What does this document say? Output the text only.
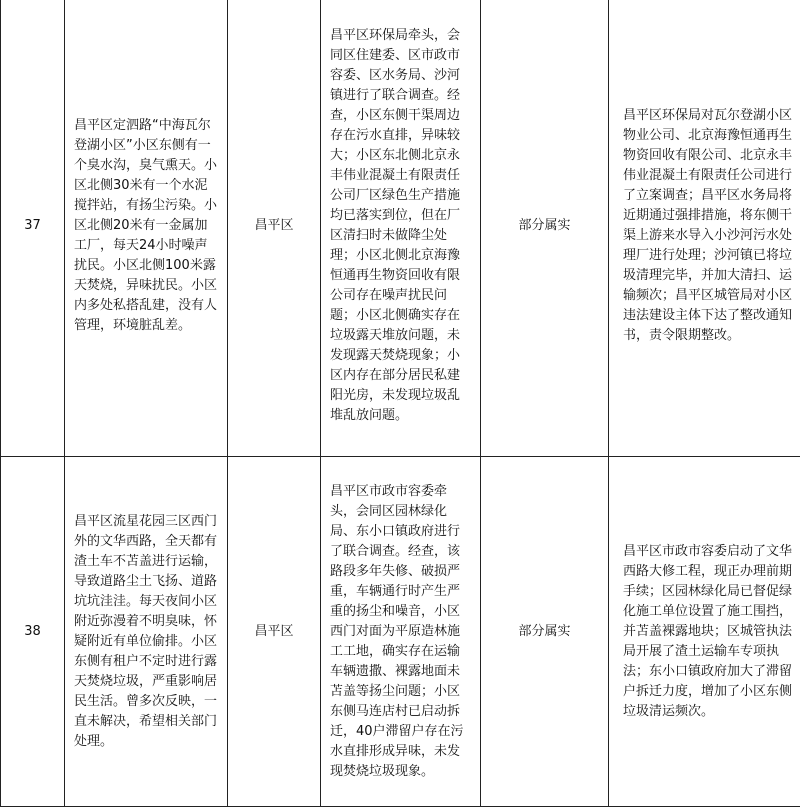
37	昌平区定泗路“中海瓦尔登湖小区”小区东侧有一个臭水沟，臭气熏天。小区北侧30米有一个水泥搅拌站，有扬尘污染。小区北侧20米有一金属加工厂，每天24小时噪声扰民。小区北侧100米露天焚烧，异味扰民。小区内多处私搭乱建，没有人管理，环境脏乱差。	昌平区	昌平区环保局牵头，会同区住建委、区市政市容委、区水务局、沙河镇进行了联合调查。经查，小区东侧干渠周边存在污水直排，异味较大；小区东北侧北京永丰伟业混凝土有限责任公司厂区绿色生产措施均已落实到位，但在厂区清扫时未做降尘处理；小区北侧北京海豫恒通再生物资回收有限公司存在噪声扰民问题；小区北侧确实存在垃圾露天堆放问题，未发现露天焚烧现象；小区内存在部分居民私建阳光房，未发现垃圾乱堆乱放问题。	部分属实	昌平区环保局对瓦尔登湖小区物业公司、北京海豫恒通再生物资回收有限公司、北京永丰伟业混凝土有限责任公司进行了立案调查；昌平区水务局将近期通过强排措施，将东侧干渠上游来水导入小沙河污水处理厂进行处理；沙河镇已将垃圾清理完毕，并加大清扫、运输频次；昌平区城管局对小区违法建设主体下达了整改通知书，责令限期整改。

38	昌平区流星花园三区西门外的文华西路，全天都有渣土车不苫盖进行运输，导致道路尘土飞扬、道路坑坑洼洼。每天夜间小区附近弥漫着不明臭味，怀疑附近有单位偷排。小区东侧有租户不定时进行露天焚烧垃圾，严重影响居民生活。曾多次反映，一直未解决，希望相关部门处理。	昌平区	昌平区市政市容委牵头，会同区园林绿化局、东小口镇政府进行了联合调查。经查，该路段多年失修、破损严重，车辆通行时产生严重的扬尘和噪音，小区西门对面为平原造林施工工地，确实存在运输车辆遗撒、裸露地面未苫盖等扬尘问题；小区东侧马连店村已启动拆迁，40户滞留户存在污水直排形成异味，未发现焚烧垃圾现象。	部分属实	昌平区市政市容委启动了文华西路大修工程，现正办理前期手续；区园林绿化局已督促绿化施工单位设置了施工围挡，并苫盖裸露地块；区城管执法局开展了渣土运输车专项执法；东小口镇政府加大了滞留户拆迁力度，增加了小区东侧垃圾清运频次。
